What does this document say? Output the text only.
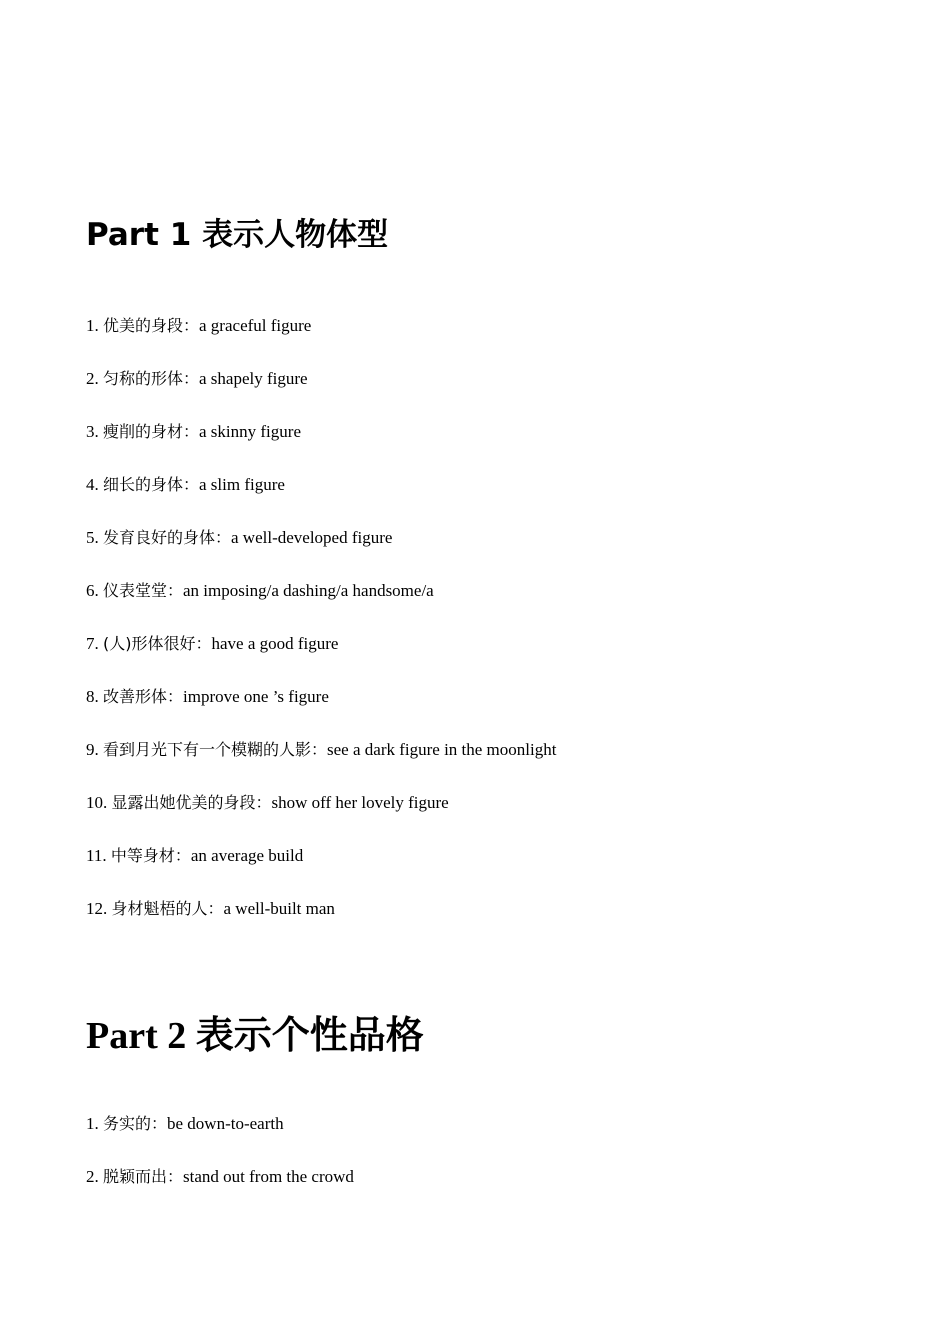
Part 1 表示人物体型

1. 优美的身段：a graceful figure

2. 匀称的形体：a shapely figure

3. 瘦削的身材：a skinny figure

4. 细长的身体：a slim figure

5. 发育良好的身体：a well-developed figure

6. 仪表堂堂：an imposing/a dashing/a handsome/a

7. (人)形体很好：have a good figure

8. 改善形体：improve one ’s figure

9. 看到月光下有一个模糊的人影：see a dark figure in the moonlight

10. 显露出她优美的身段：show off her lovely figure

11. 中等身材：an average build

12. 身材魁梧的人：a well-built man

Part 2 表示个性品格

1. 务实的：be down-to-earth

2. 脱颖而出：stand out from the crowd
